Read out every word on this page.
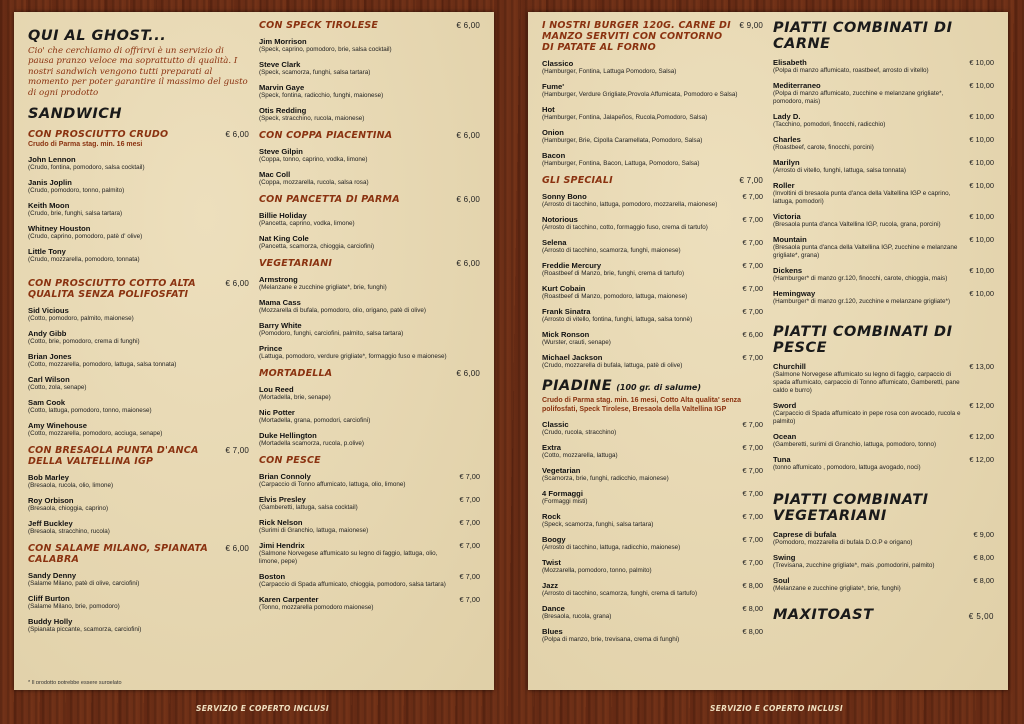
QUI AL GHOST...
Cio' che cerchiamo di offrirvi è un servizio di pausa pranzo veloce ma soprattutto di qualità. I nostri sandwich vengono tutti preparati al momento per poter garantire il massimo del gusto di ogni prodotto
SANDWICH
CON PROSCIUTTO CRUDO	€ 6,00
Crudo di Parma stag. min. 16 mesi
John Lennon
(Crudo, fontina, pomodoro, salsa cocktail)
Janis Joplin
(Crudo, pomodoro, tonno, palmito)
Keith Moon
(Crudo, brie, funghi, salsa tartara)
Whitney Houston
(Crudo, caprino, pomodoro, patè d' olive)
Little Tony
(Crudo, mozzarella, pomodoro, tonnata)
CON PROSCIUTTO COTTO ALTA QUALITA SENZA POLIFOSFATI
€ 6,00
Sid Vicious
(Cotto, pomodoro, palmito, maionese)
Andy Gibb
(Cotto, brie, pomodoro, crema di funghi)
Brian Jones
(Cotto, mozzarella, pomodoro, lattuga, salsa tonnata)
Carl Wilson
(Cotto, zola, senape)
Sam Cook
(Cotto, lattuga, pomodoro, tonno, maionese)
Amy Winehouse
(Cotto, mozzarella, pomodoro, acciuga, senape)
CON BRESAOLA PUNTA D'ANCA DELLA VALTELLINA IGP
€ 7,00
Bob Marley
(Bresaola, rucola, olio, limone)
Roy Orbison
(Bresaola, chioggia, caprino)
Jeff Buckley
(Bresaola, stracchino, rucola)
CON SALAME MILANO, SPIANATA CALABRA
€ 6,00
Sandy Denny
(Salame Milano, patè di olive, carciofini)
Cliff Burton
(Salame Milano, brie, pomodoro)
Buddy Holly
(Spianata piccante, scamorza, carciofini)
* Il prodotto potrebbe essere surgelato
CON SPECK TIROLESE	€ 6,00
Jim Morrison
(Speck, caprino, pomodoro, brie, salsa cocktail)
Steve Clark
(Speck, scamorza, funghi, salsa tartara)
Marvin Gaye
(Speck, fontina, radicchio, funghi, maionese)
Otis Redding
(Speck, stracchino, rucola, maionese)
CON COPPA PIACENTINA	€ 6,00
Steve Gilpin
(Coppa, tonno, caprino, vodka, limone)
Mac Coll
(Coppa, mozzarella, rucola, salsa rosa)
CON PANCETTA DI PARMA	€ 6,00
Billie Holiday
(Pancetta, caprino, vodka, limone)
Nat King Cole
(Pancetta, scamorza, chioggia, carciofini)
VEGETARIANI	€ 6,00
Armstrong
(Melanzane e zucchine grigliate*, brie, funghi)
Mama Cass
(Mozzarella di bufala, pomodoro, olio, origano, patè di olive)
Barry White
(Pomodoro, funghi, carciofini, palmito, salsa tartara)
Prince
(Lattuga, pomodoro, verdure grigliate*, formaggio fuso e maionese)
MORTADELLA	€ 6,00
Lou Reed
(Mortadella, brie, senape)
Nic Potter
(Mortadella, grana, pomodori, carciofini)
Duke Hellington
(Mortadella scamorza, rucola, p.olive)
CON PESCE
Brian Connoly
(Carpaccio di Tonno affumicato, lattuga, olio, limone)
€ 7,00
Elvis Presley
(Gamberetti, lattuga, salsa cocktail)
€ 7,00
Rick Nelson
(Surimi di Granchio, lattuga, maionese)
€ 7,00
Jimi Hendrix
(Salmone Norvegese affumicato su legno di faggio, lattuga, olio, limone, pepe)
€ 7,00
Boston
(Carpaccio di Spada affumicato, chioggia, pomodoro, salsa tartara)
€ 7,00
Karen Carpenter
(Tonno, mozzarella pomodoro maionese)
€ 7,00
I NOSTRI BURGER 120G. CARNE DI MANZO SERVITI CON CONTORNO DI PATATE AL FORNO
€ 9,00
Classico
(Hamburger, Fontina, Lattuga Pomodoro, Salsa)
Fume'
(Hamburger, Verdure Grigliate,Provola Affumicata, Pomodoro e Salsa)
Hot
(Hamburger, Fontina, Jalapeños, Rucola,Pomodoro, Salsa)
Onion
(Hamburger, Brie, Cipolla Caramellata, Pomodoro, Salsa)
Bacon
(Hamburger, Fontina, Bacon, Lattuga, Pomodoro, Salsa)
GLI SPECIALI	€ 7,00
Sonny Bono
(Arrosto di tacchino, lattuga, pomodoro, mozzarella, maionese)
€ 7,00
Notorious
(Arrosto di tacchino, cotto, formaggio fuso, crema di tartufo)
€ 7,00
Selena
(Arrosto di tacchino, scamorza, funghi, maionese)
€ 7,00
Freddie Mercury
(Roastbeef di Manzo, brie, funghi, crema di tartufo)
€ 7,00
Kurt Cobain
(Roastbeef di Manzo, pomodoro, lattuga, maionese)
€ 7,00
Frank Sinatra
(Arrosto di vitello, fontina, funghi, lattuga, salsa tonnè)
€ 7,00
Mick Ronson
(Wurster, crauti, senape)
€ 6,00
Michael Jackson
(Crudo, mozzarella di bufala, lattuga, patè di olive)
€ 7,00
PIADINE (100 gr. di salume)
Crudo di Parma stag. min. 16 mesi, Cotto Alta qualita' senza polifosfati, Speck Tirolese, Bresaola della Valtellina IGP
Classic
(Crudo, rucola, stracchino)
€ 7,00
Extra
(Cotto, mozzarella, lattuga)
€ 7,00
Vegetarian
(Scamorza, brie, funghi, radicchio, maionese)
€ 7,00
4 Formaggi
(Formaggi misti)
€ 7,00
Rock
(Speck, scamorza, funghi, salsa tartara)
€ 7,00
Boogy
(Arrosto di tacchino, lattuga, radicchio, maionese)
€ 7,00
Twist
(Mozzarella, pomodoro, tonno, palmito)
€ 7,00
Jazz
(Arrosto di tacchino, scamorza, funghi, crema di tartufo)
€ 8,00
Dance
(Bresaola, rucola, grana)
€ 8,00
Blues
(Polpa di manzo, brie, trevisana, crema di funghi)
€ 8,00
PIATTI COMBINATI DI CARNE
Elisabeth
(Polpa di manzo affumicato, roastbeef, arrosto di vitello)
€ 10,00
Mediterraneo
(Polpa di manzo affumicato, zucchine e melanzane grigliate*, pomodoro, mais)
€ 10,00
Lady D.
(Tacchino, pomodori, finocchi, radicchio)
€ 10,00
Charles
(Roastbeef, carote, finocchi, porcini)
€ 10,00
Marilyn
(Arrosto di vitello, funghi, lattuga, salsa tonnata)
€ 10,00
Roller
(Involtini di bresaola punta d'anca della Valtellina IGP e caprino, lattuga, pomodori)
€ 10,00
Victoria
(Bresaola punta d'anca Valtellina IGP, rucola, grana, porcini)
€ 10,00
Mountain
(Bresaola punta d'anca della Valtellina IGP, zucchine e melanzane grigliate*, grana)
€ 10,00
Dickens
(Hamburger* di manzo gr.120, finocchi, carote, chioggia, mais)
€ 10,00
Hemingway
(Hamburger* di manzo gr.120, zucchine e melanzane grigliate*)
€ 10,00
PIATTI COMBINATI DI PESCE
Churchill
(Salmone Norvegese affumicato su legno di faggio, carpaccio di spada affumicato, carpaccio di Tonno affumicato, Gamberetti, pane caldo e burro)
€ 13,00
Sword
(Carpaccio di Spada affumicato in pepe rosa con avocado, rucola e palmito)
€ 12,00
Ocean
(Gamberetti, surimi di Granchio, lattuga, pomodoro, tonno)
€ 12,00
Tuna
(tonno affumicato , pomodoro, lattuga avogado, noci)
€ 12,00
PIATTI COMBINATI VEGETARIANI
Caprese di bufala
(Pomodoro, mozzarella di bufala D.O.P e origano)
€ 9,00
Swing
(Trevisana, zucchine grigliate*, mais ,pomodorini, palmito)
€ 8,00
Soul
(Melanzane e zucchine grigliate*, brie, funghi)
€ 8,00
MAXITOAST	€ 5,00
SERVIZIO E COPERTO INCLUSI	SERVIZIO E COPERTO INCLUSI
